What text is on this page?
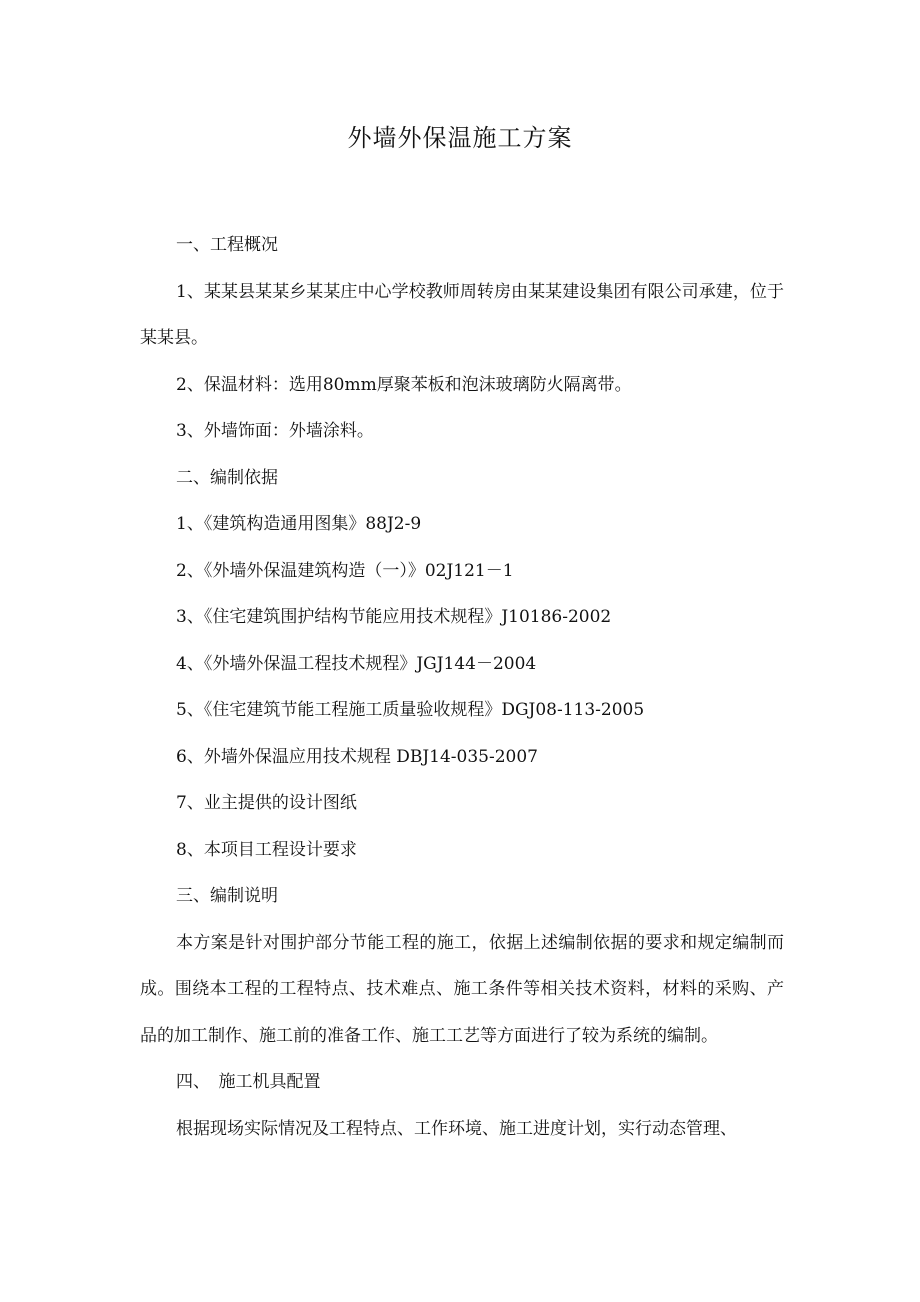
外墙外保温施工方案
一、工程概况

1、某某县某某乡某某庄中心学校教师周转房由某某建设集团有限公司承建，位于某某县。

2、保温材料：选用80mm厚聚苯板和泡沫玻璃防火隔离带。
3、外墙饰面：外墙涂料。
二、编制依据
1、《建筑构造通用图集》88J2-9
2、《外墙外保温建筑构造（一）》02J121－1
3、《住宅建筑围护结构节能应用技术规程》J10186-2002
4、《外墙外保温工程技术规程》JGJ144－2004
5、《住宅建筑节能工程施工质量验收规程》DGJ08-113-2005
6、外墙外保温应用技术规程 DBJ14-035-2007
7、业主提供的设计图纸
8、本项目工程设计要求
三、编制说明

本方案是针对围护部分节能工程的施工，依据上述编制依据的要求和规定编制而成。围绕本工程的工程特点、技术难点、施工条件等相关技术资料，材料的采购、产品的加工制作、施工前的准备工作、施工工艺等方面进行了较为系统的编制。

四、　施工机具配置
根据现场实际情况及工程特点、工作环境、施工进度计划，实行动态管理、
